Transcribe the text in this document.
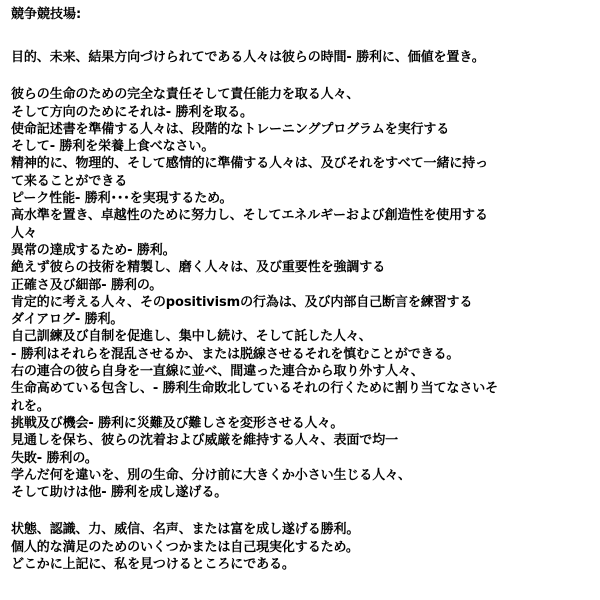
競争競技場:
目的、未来、結果方向づけられてである人々は彼らの時間- 勝利に、価値を置き。
彼らの生命のための完全な責任そして責任能力を取る人々、
そして方向のためにそれは- 勝利を取る。
使命記述書を準備する人々は、段階的なトレーニングプログラムを実行する
そして- 勝利を栄養上食べなさい。
精神的に、物理的、そして感情的に準備する人々は、及びそれをすべて一緒に持っ
て来ることができる
ピーク性能- 勝利･･･を実現するため。
高水準を置き、卓越性のために努力し、そしてエネルギーおよび創造性を使用する
人々
異常の達成するため- 勝利。
絶えず彼らの技術を精製し、磨く人々は、及び重要性を強調する
正確さ及び細部- 勝利の。
肯定的に考える人々、そのpositivismの行為は、及び内部自己断言を練習する
ダイアログ- 勝利。
自己訓練及び自制を促進し、集中し続け、そして託した人々、
- 勝利はそれらを混乱させるか、または脱線させるそれを慎むことができる。
右の連合の彼ら自身を一直線に並べ、間違った連合から取り外す人々、
生命高めている包含し、- 勝利生命敗北しているそれの行くために割り当てなさいそ
れを。
挑戦及び機会- 勝利に災難及び難しさを変形させる人々。
見通しを保ち、彼らの沈着および威厳を維持する人々、表面で均一
失敗- 勝利の。
学んだ何を違いを、別の生命、分け前に大きくか小さい生じる人々、
そして助けは他- 勝利を成し遂げる。
状態、認識、力、威信、名声、または富を成し遂げる勝利。
個人的な満足のためのいくつかまたは自己現実化するため。
どこかに上記に、私を見つけるところにである。
